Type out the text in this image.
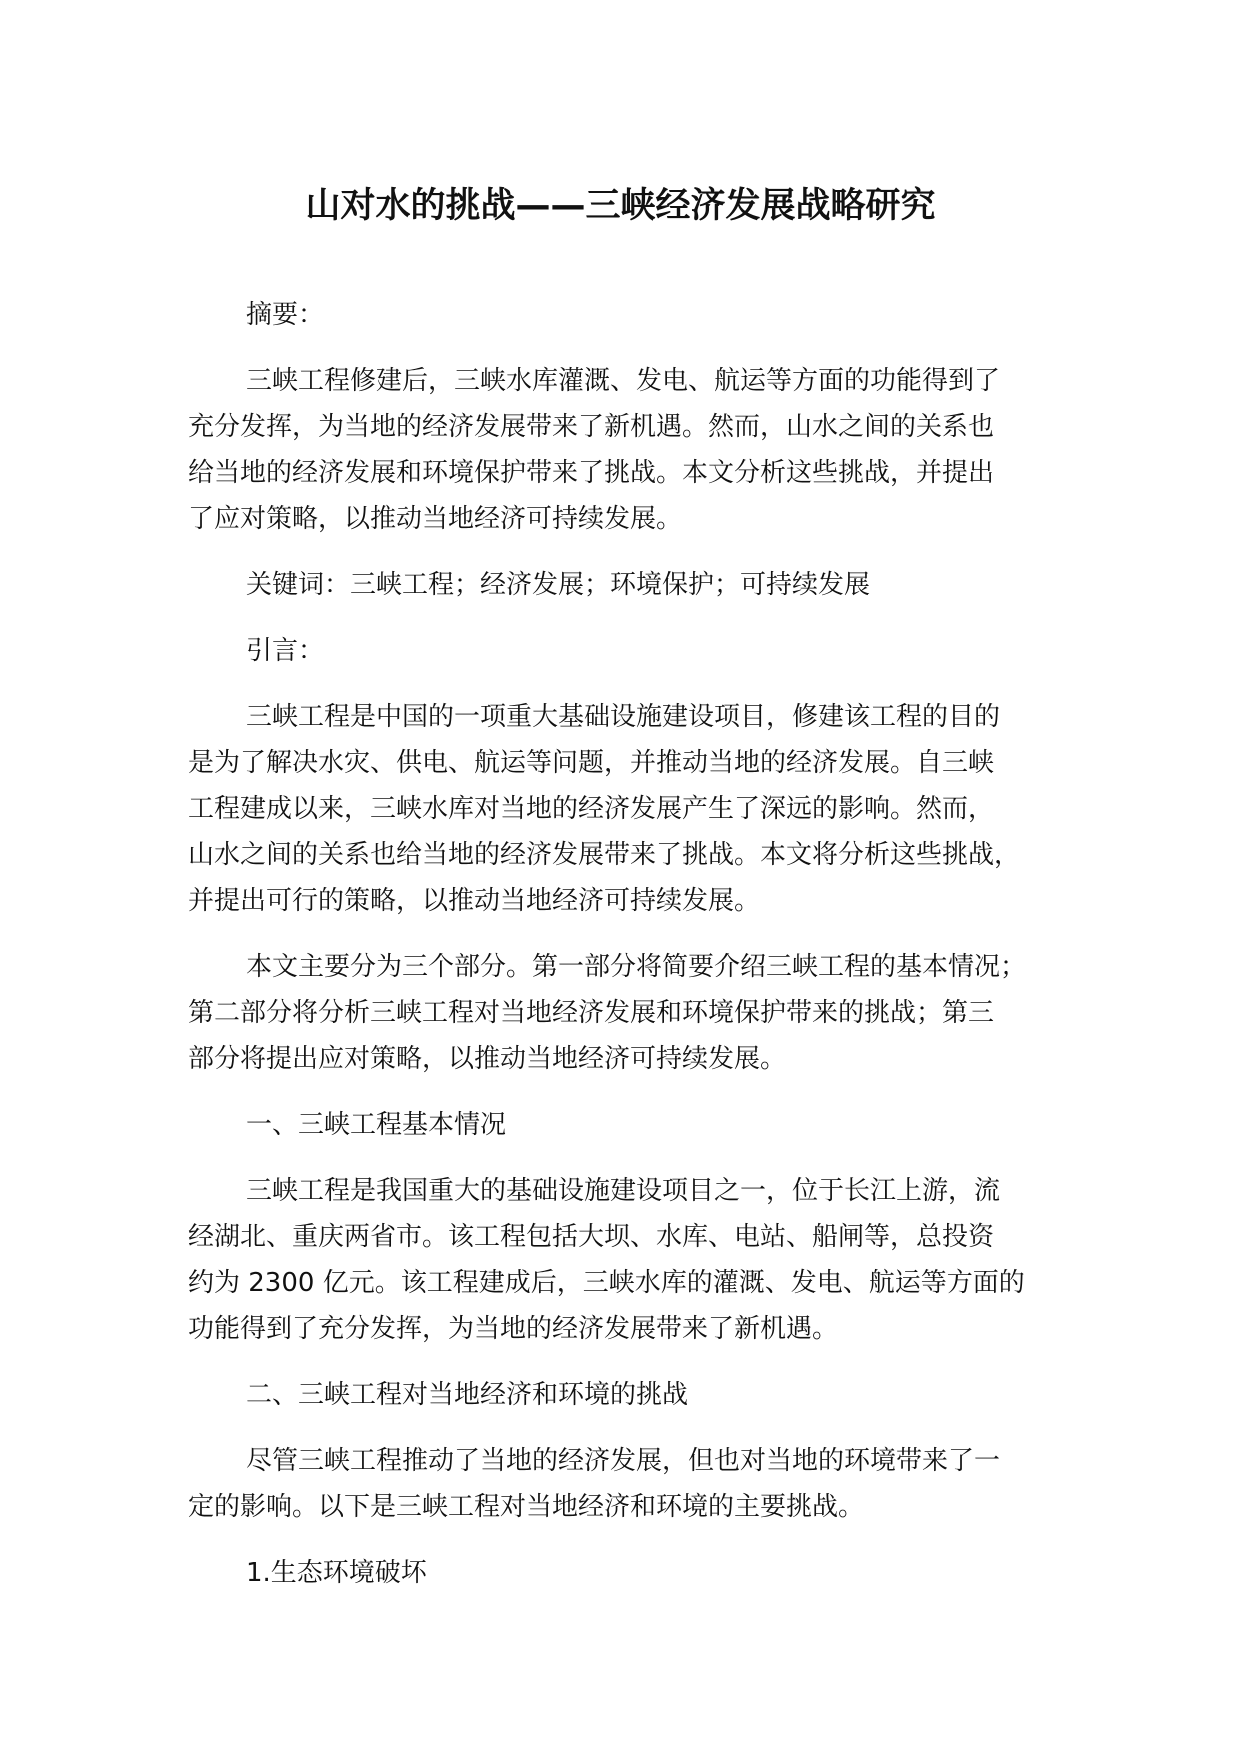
山对水的挑战——三峡经济发展战略研究
摘要：
三峡工程修建后，三峡水库灌溉、发电、航运等方面的功能得到了
充分发挥，为当地的经济发展带来了新机遇。然而，山水之间的关系也
给当地的经济发展和环境保护带来了挑战。本文分析这些挑战，并提出
了应对策略，以推动当地经济可持续发展。
关键词：三峡工程；经济发展；环境保护；可持续发展
引言：
三峡工程是中国的一项重大基础设施建设项目，修建该工程的目的
是为了解决水灾、供电、航运等问题，并推动当地的经济发展。自三峡
工程建成以来，三峡水库对当地的经济发展产生了深远的影响。然而，
山水之间的关系也给当地的经济发展带来了挑战。本文将分析这些挑战，
并提出可行的策略，以推动当地经济可持续发展。
本文主要分为三个部分。第一部分将简要介绍三峡工程的基本情况；
第二部分将分析三峡工程对当地经济发展和环境保护带来的挑战；第三
部分将提出应对策略，以推动当地经济可持续发展。
一、三峡工程基本情况
三峡工程是我国重大的基础设施建设项目之一，位于长江上游，流
经湖北、重庆两省市。该工程包括大坝、水库、电站、船闸等，总投资
约为 2300 亿元。该工程建成后，三峡水库的灌溉、发电、航运等方面的
功能得到了充分发挥，为当地的经济发展带来了新机遇。
二、三峡工程对当地经济和环境的挑战
尽管三峡工程推动了当地的经济发展，但也对当地的环境带来了一
定的影响。以下是三峡工程对当地经济和环境的主要挑战。
1.生态环境破坏
